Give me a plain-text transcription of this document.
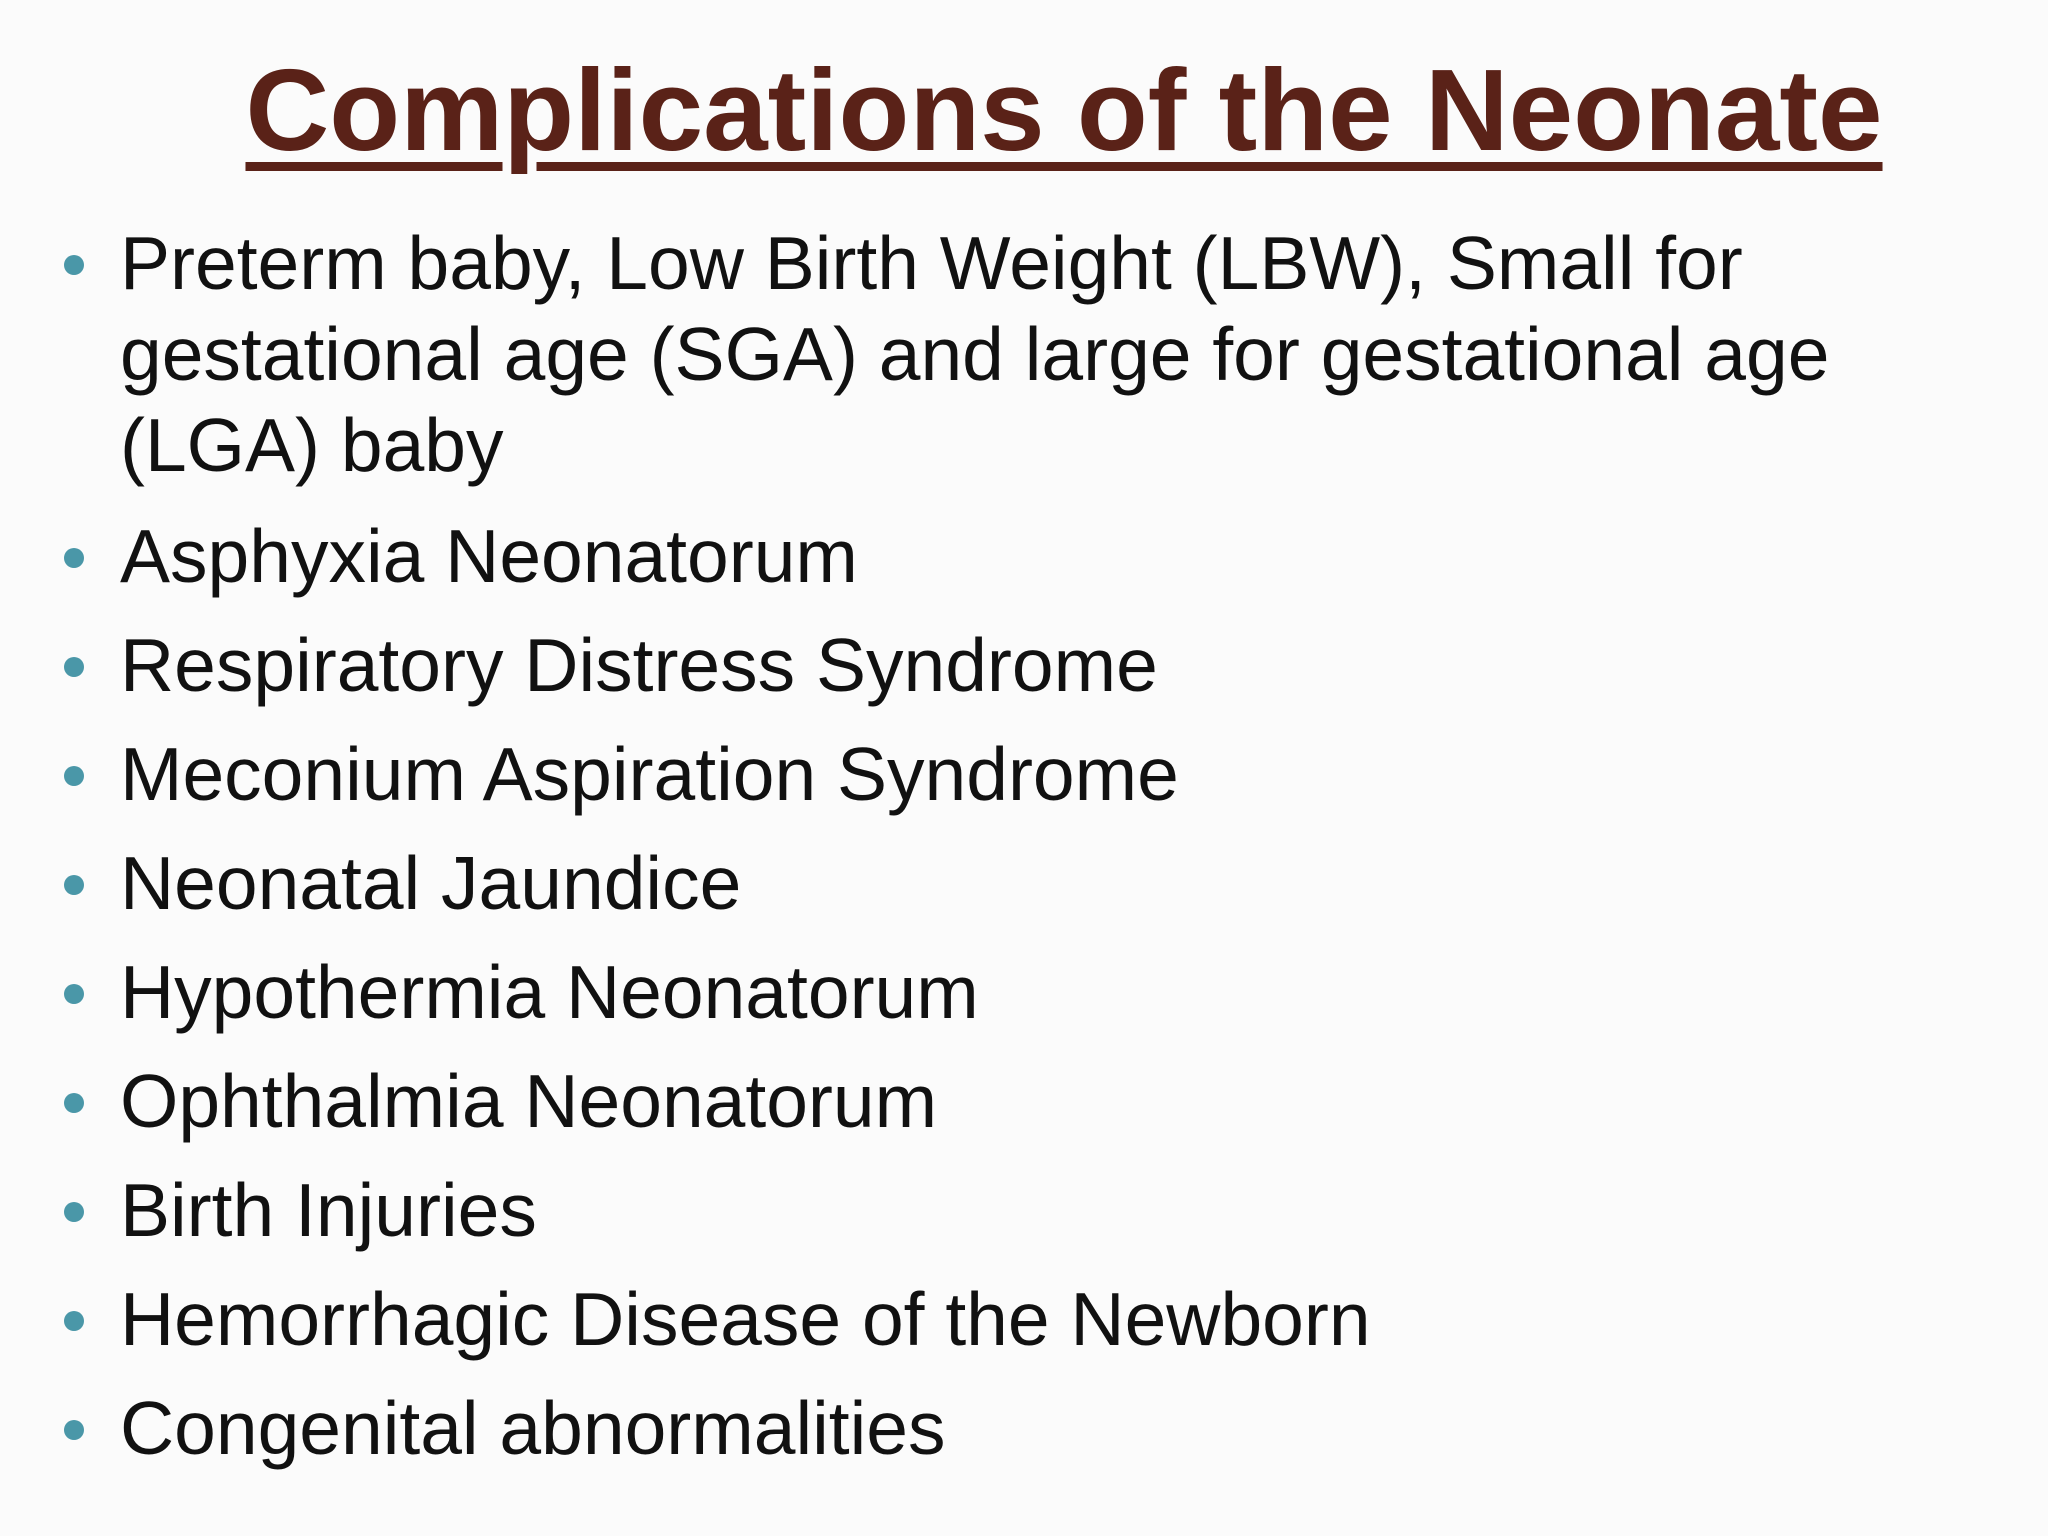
Complications of the Neonate
Preterm baby, Low Birth Weight (LBW), Small for
gestational age (SGA) and large for gestational age
(LGA) baby
Asphyxia Neonatorum
Respiratory Distress Syndrome
Meconium Aspiration Syndrome
Neonatal Jaundice
Hypothermia Neonatorum
Ophthalmia Neonatorum
Birth Injuries
Hemorrhagic Disease of the Newborn
Congenital abnormalities
